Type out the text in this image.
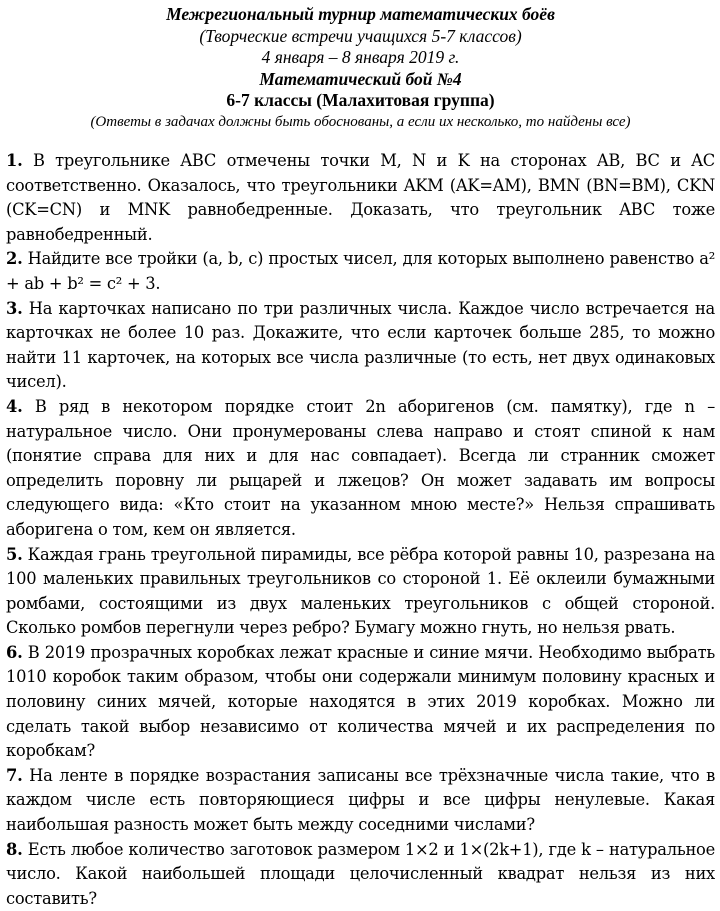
Межрегиональный турнир математических боёв
(Творческие встречи учащихся 5-7 классов)
4 января – 8 января 2019 г.
Математический бой №4
6-7 классы (Малахитовая группа)
(Ответы в задачах должны быть обоснованы, а если их несколько, то найдены все)
1. В треугольнике ABC отмечены точки M, N и K на сторонах AB, BC и AC соответственно. Оказалось, что треугольники AKM (AK=AM), BMN (BN=BM), CKN (CK=CN) и MNK равнобедренные. Доказать, что треугольник ABC тоже равнобедренный.
2. Найдите все тройки (a, b, c) простых чисел, для которых выполнено равенство a² + ab + b² = c² + 3.
3. На карточках написано по три различных числа. Каждое число встречается на карточках не более 10 раз. Докажите, что если карточек больше 285, то можно найти 11 карточек, на которых все числа различные (то есть, нет двух одинаковых чисел).
4. В ряд в некотором порядке стоит 2n аборигенов (см. памятку), где n – натуральное число. Они пронумерованы слева направо и стоят спиной к нам (понятие справа для них и для нас совпадает). Всегда ли странник сможет определить поровну ли рыцарей и лжецов? Он может задавать им вопросы следующего вида: «Кто стоит на указанном мною месте?» Нельзя спрашивать аборигена о том, кем он является.
5. Каждая грань треугольной пирамиды, все рёбра которой равны 10, разрезана на 100 маленьких правильных треугольников со стороной 1. Её оклеили бумажными ромбами, состоящими из двух маленьких треугольников с общей стороной. Сколько ромбов перегнули через ребро? Бумагу можно гнуть, но нельзя рвать.
6. В 2019 прозрачных коробках лежат красные и синие мячи. Необходимо выбрать 1010 коробок таким образом, чтобы они содержали минимум половину красных и половину синих мячей, которые находятся в этих 2019 коробках. Можно ли сделать такой выбор независимо от количества мячей и их распределения по коробкам?
7. На ленте в порядке возрастания записаны все трёхзначные числа такие, что в каждом числе есть повторяющиеся цифры и все цифры ненулевые. Какая наибольшая разность может быть между соседними числами?
8. Есть любое количество заготовок размером 1×2 и 1×(2k+1), где k – натуральное число. Какой наибольшей площади целочисленный квадрат нельзя из них составить?
